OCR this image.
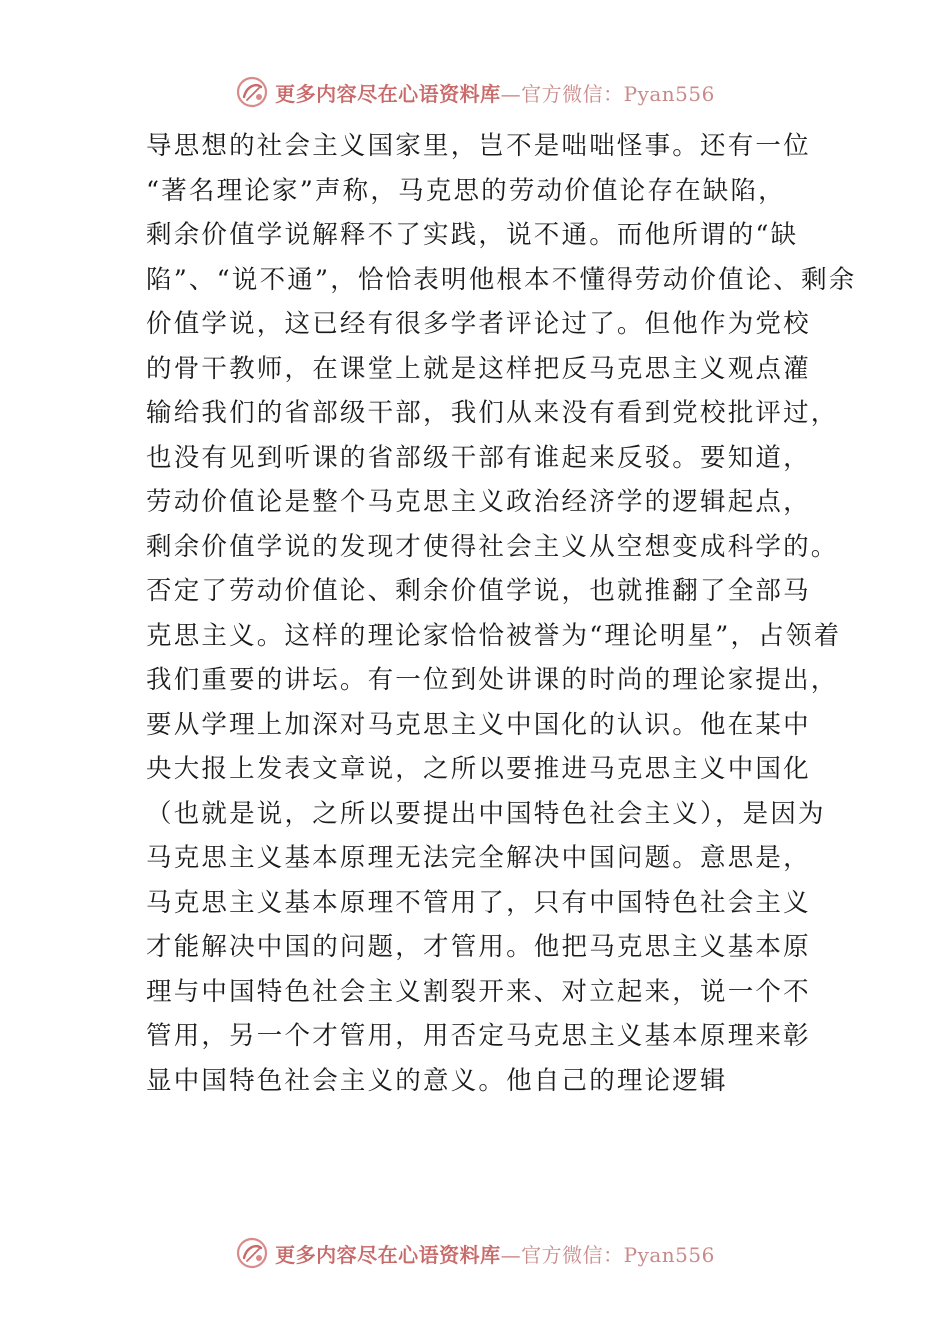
更多内容尽在心语资料库—官方微信：Pyan556
导思想的社会主义国家里，岂不是咄咄怪事。还有一位
“著名理论家”声称，马克思的劳动价值论存在缺陷，
剩余价值学说解释不了实践，说不通。而他所谓的“缺
陷”、“说不通”，恰恰表明他根本不懂得劳动价值论、剩余
价值学说，这已经有很多学者评论过了。但他作为党校
的骨干教师，在课堂上就是这样把反马克思主义观点灌
输给我们的省部级干部，我们从来没有看到党校批评过，
也没有见到听课的省部级干部有谁起来反驳。要知道，
劳动价值论是整个马克思主义政治经济学的逻辑起点，
剩余价值学说的发现才使得社会主义从空想变成科学的。
否定了劳动价值论、剩余价值学说，也就推翻了全部马
克思主义。这样的理论家恰恰被誉为“理论明星”，占领着
我们重要的讲坛。有一位到处讲课的时尚的理论家提出，
要从学理上加深对马克思主义中国化的认识。他在某中
央大报上发表文章说，之所以要推进马克思主义中国化
（也就是说，之所以要提出中国特色社会主义），是因为
马克思主义基本原理无法完全解决中国问题。意思是，
马克思主义基本原理不管用了，只有中国特色社会主义
才能解决中国的问题，才管用。他把马克思主义基本原
理与中国特色社会主义割裂开来、对立起来，说一个不
管用，另一个才管用，用否定马克思主义基本原理来彰
显中国特色社会主义的意义。他自己的理论逻辑
更多内容尽在心语资料库—官方微信：Pyan556
